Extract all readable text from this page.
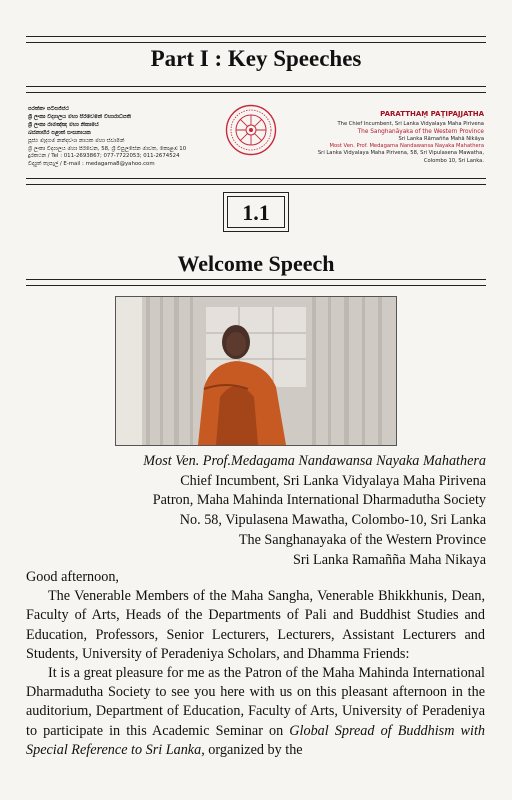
Part I : Key Speeches
පරත්තං පටිපජ්ජථ
ශ්‍රී ලංකා විද්‍යාලය මහා පිරිවෙනේ විහාරාධිපති
ශ්‍රී ලංකා රාමඤ්ඤ මහා නිකායේ
බස්නාහිර පළාත් සංඝනායක
පූජ්‍ය මැදගම නන්දවංශ නායක මහා ස්වාමීන්
ශ්‍රී ලංකා විද්‍යාලය මහා පිරිවෙන, 58, ශ්‍රී විපුලසේන මාවත, කොළඹ 10
දුරකථන / Tel : 011-2693867; 077-7722053; 011-2674524
විද්‍යුත් තැපැල් / E-mail : medagama8@yahoo.com
PARATTHAṂ PAṬIPAJJATHA
The Chief Incumbent, Sri Lanka Vidyalaya Maha Pirivena
The Sanghanāyaka of the Western Province
Sri Lanka Rāmañña Mahā Nikāya
Most Ven. Prof. Medagama Nandawansa Nayaka Mahathera
Sri Lanka Vidyalaya Maha Pirivena, 58, Sri Vipulasena Mawatha,
Colombo 10, Sri Lanka.
1.1
Welcome Speech
Most Ven. Prof.Medagama Nandawansa Nayaka Mahathera
Chief Incumbent, Sri Lanka Vidyalaya Maha Pirivena
Patron, Maha Mahinda International Dharmadutha Society
No. 58, Vipulasena Mawatha, Colombo-10, Sri Lanka
The Sanghanayaka of the Western Province
Sri Lanka Ramañña Maha Nikaya

Good afternoon,

The Venerable Members of the Maha Sangha, Venerable Bhikkhunis, Dean, Faculty of Arts, Heads of the Departments of Pali and Buddhist Studies and Education, Professors, Senior Lecturers, Lecturers, Assistant Lecturers and Students, University of Peradeniya Scholars, and Dhamma Friends:

It is a great pleasure for me as the Patron of the Maha Mahinda International Dharmadutha Society to see you here with us on this pleasant afternoon in the auditorium, Department of Education, Faculty of Arts, University of Peradeniya to participate in this Academic Seminar on Global Spread of Buddhism with Special Reference to Sri Lanka, organized by the
